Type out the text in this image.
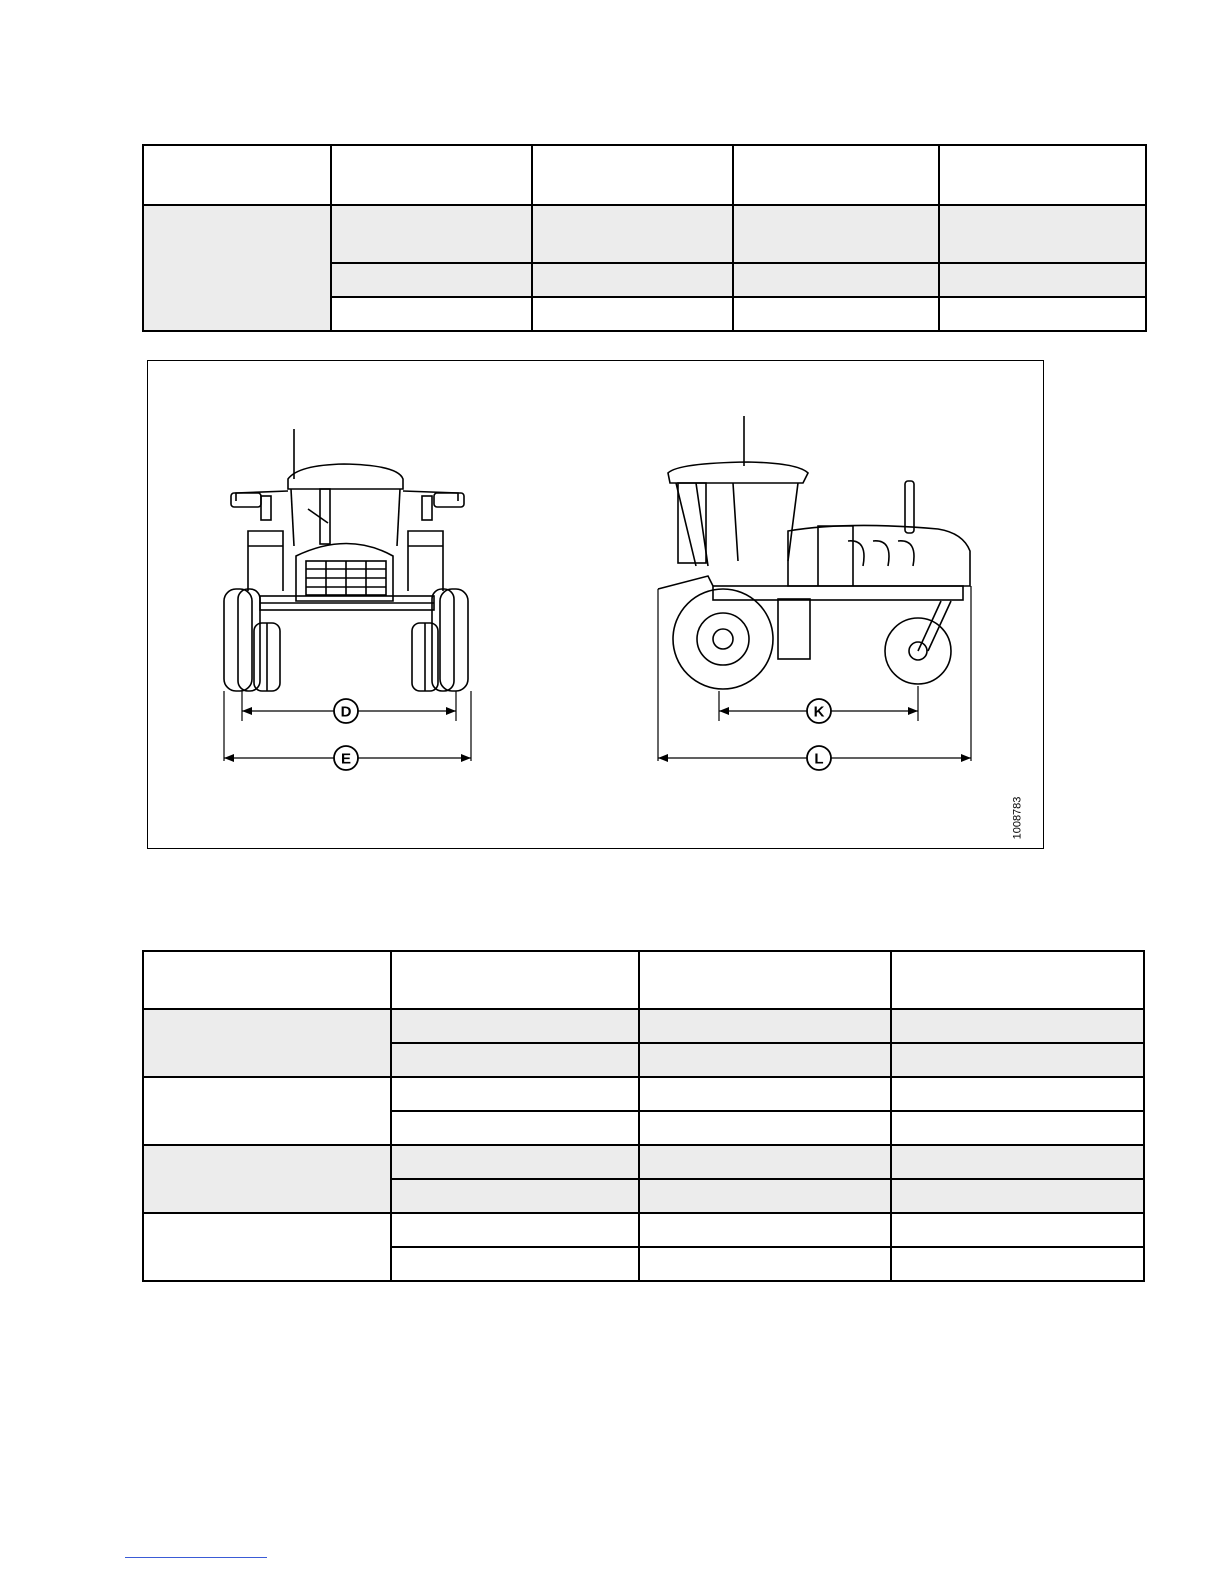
D
E
K
L
1008783
